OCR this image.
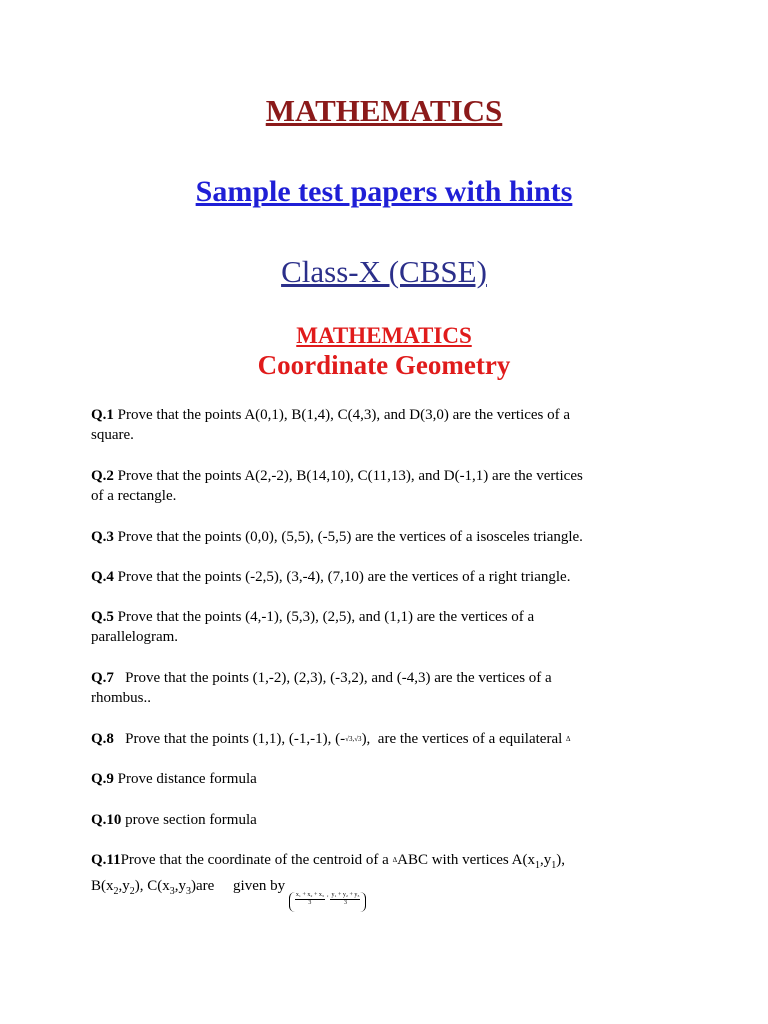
MATHEMATICS
Sample test papers with hints
Class-X (CBSE)
MATHEMATICS
Coordinate Geometry
Q.1 Prove that the points A(0,1), B(1,4), C(4,3), and D(3,0) are the vertices of a
square.
Q.2 Prove that the points A(2,-2), B(14,10), C(11,13), and D(-1,1) are the vertices
of a rectangle.
Q.3 Prove that the points (0,0), (5,5), (-5,5) are the vertices of a isosceles triangle.
Q.4 Prove that the points (-2,5), (3,-4), (7,10) are the vertices of a right triangle.
Q.5 Prove that the points (4,-1), (5,3), (2,5), and (1,1) are the vertices of a
parallelogram.
Q.7   Prove that the points (1,-2), (2,3), (-3,2), and (-4,3) are the vertices of a
rhombus..
Q.8   Prove that the points (1,1), (-1,-1), (-√3,√3),  are the vertices of a equilateral Δ
Q.9 Prove distance formula
Q.10 prove section formula
Q.11Prove that the coordinate of the centroid of a ΔABC with vertices $A(x_1,y_1)$,
$B(x_2,y_2)$, $C(x_3,y_3)are$     given by
$\frac{\text{x₁ + x₂ + x₃}}{3}$ , $\frac{\text{y₁ + y₂ + y₃}}{3}$
